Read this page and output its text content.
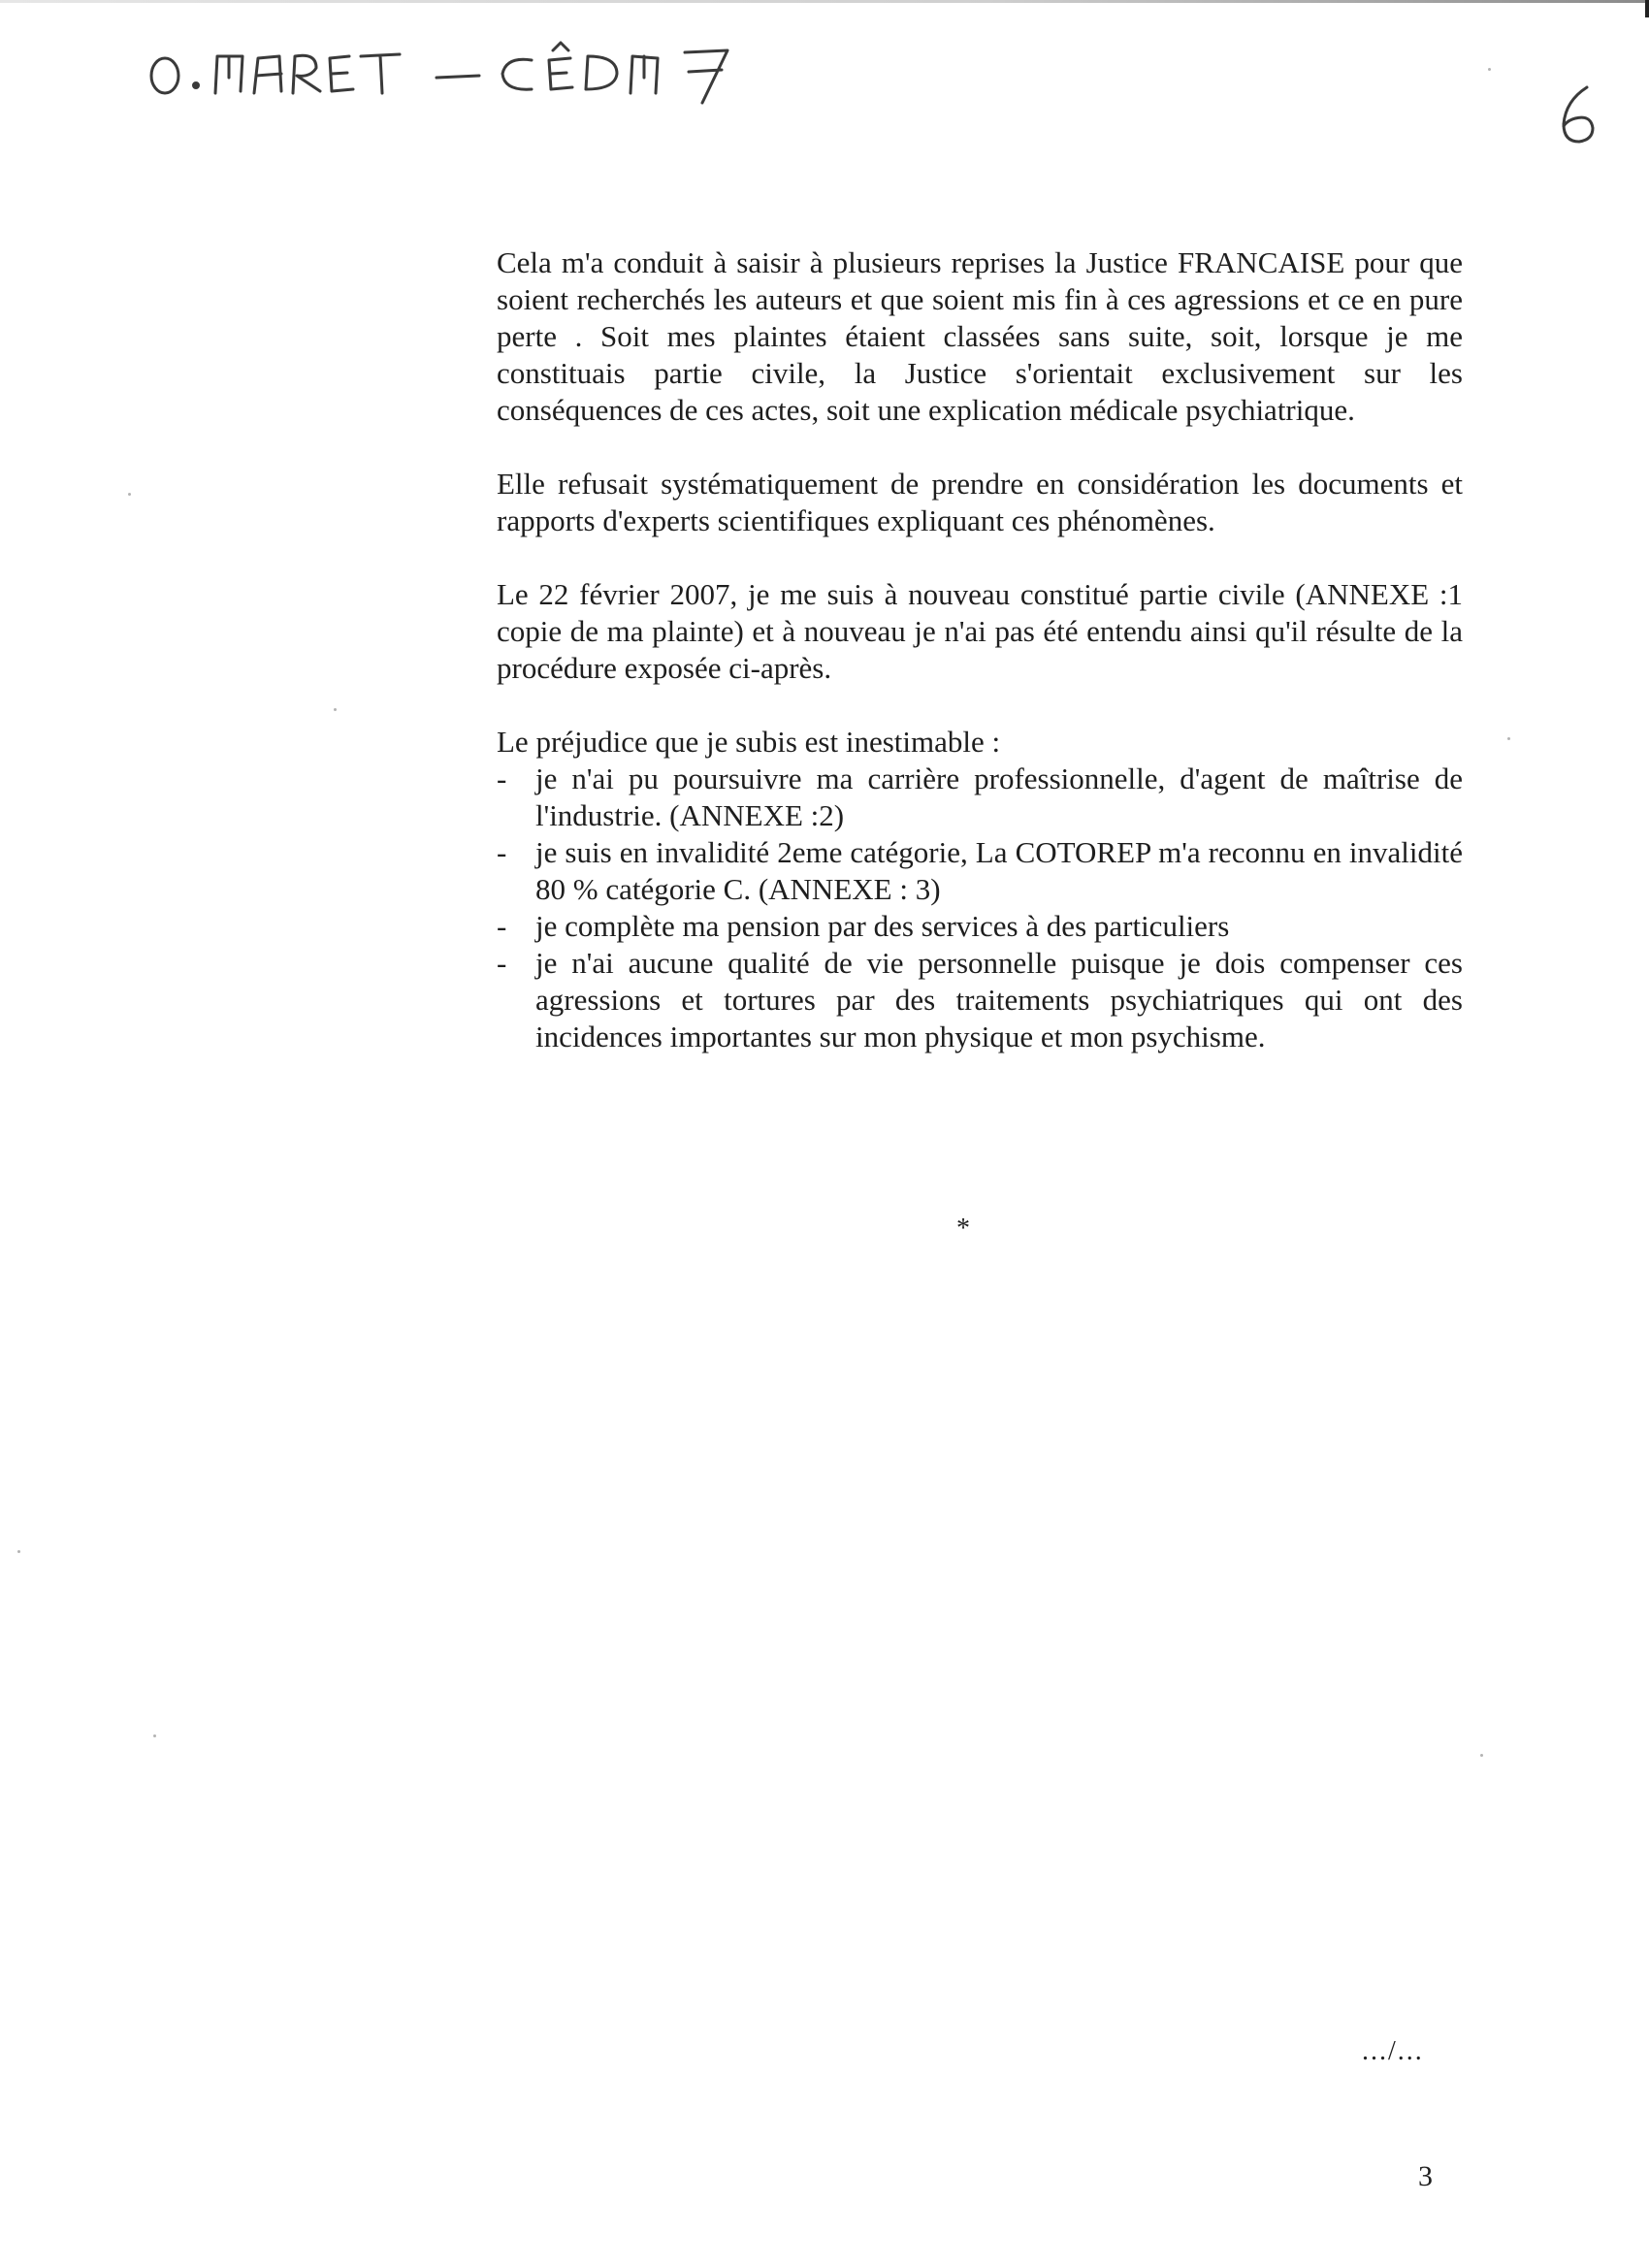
Cela m'a conduit à saisir à plusieurs reprises la Justice FRANCAISE pour que soient recherchés les auteurs et que soient mis fin à ces agressions et ce en pure perte . Soit mes plaintes étaient classées sans suite, soit, lorsque je me constituais partie civile, la Justice s'orientait exclusivement sur les conséquences de ces actes, soit une explication médicale psychiatrique.

Elle refusait systématiquement de prendre en considération les documents et rapports d'experts scientifiques expliquant ces phénomènes.

Le 22 février 2007, je me suis à nouveau constitué partie civile (ANNEXE :1 copie de ma plainte) et à nouveau je n'ai pas été entendu ainsi qu'il résulte de la procédure exposée ci-après.

Le préjudice que je subis est inestimable :

- je n'ai pu poursuivre ma carrière professionnelle, d'agent de maîtrise de l'industrie. (ANNEXE :2)
- je suis en invalidité 2eme catégorie, La COTOREP m'a reconnu en invalidité 80 % catégorie C. (ANNEXE : 3)
- je complète ma pension par des services à des particuliers
- je n'ai aucune qualité de vie personnelle puisque je dois compenser ces agressions et tortures par des traitements psychiatriques qui ont des incidences importantes sur mon physique et mon psychisme.
*
.../...
3
